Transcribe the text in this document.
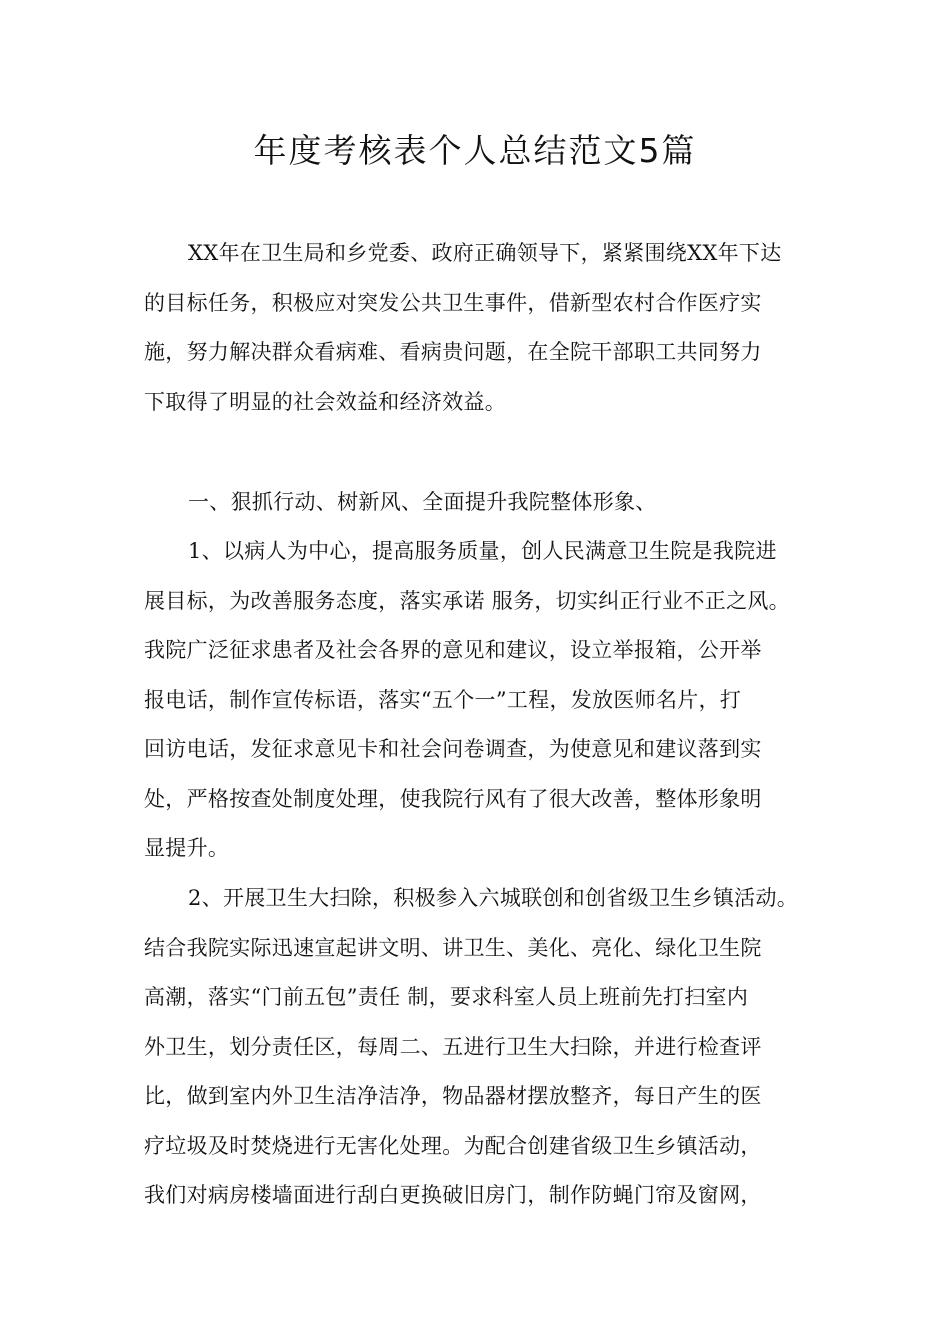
年度考核表个人总结范文5篇
XX年在卫生局和乡党委、政府正确领导下，紧紧围绕XX年下达
的目标任务，积极应对突发公共卫生事件，借新型农村合作医疗实
施，努力解决群众看病难、看病贵问题，在全院干部职工共同努力
下取得了明显的社会效益和经济效益。
一、狠抓行动、树新风、全面提升我院整体形象、
1、以病人为中心，提高服务质量，创人民满意卫生院是我院进
展目标，为改善服务态度，落实承诺 服务，切实纠正行业不正之风。
我院广泛征求患者及社会各界的意见和建议，设立举报箱，公开举
报电话，制作宣传标语，落实“五个一”工程，发放医师名片，打
回访电话，发征求意见卡和社会问卷调查，为使意见和建议落到实
处，严格按查处制度处理，使我院行风有了很大改善，整体形象明
显提升。
2、开展卫生大扫除，积极参入六城联创和创省级卫生乡镇活动。
结合我院实际迅速宣起讲文明、讲卫生、美化、亮化、绿化卫生院
高潮，落实“门前五包”责任 制，要求科室人员上班前先打扫室内
外卫生，划分责任区，每周二、五进行卫生大扫除，并进行检查评
比，做到室内外卫生洁净洁净，物品器材摆放整齐，每日产生的医
疗垃圾及时焚烧进行无害化处理。为配合创建省级卫生乡镇活动，
我们对病房楼墙面进行刮白更换破旧房门，制作防蝇门帘及窗网，
